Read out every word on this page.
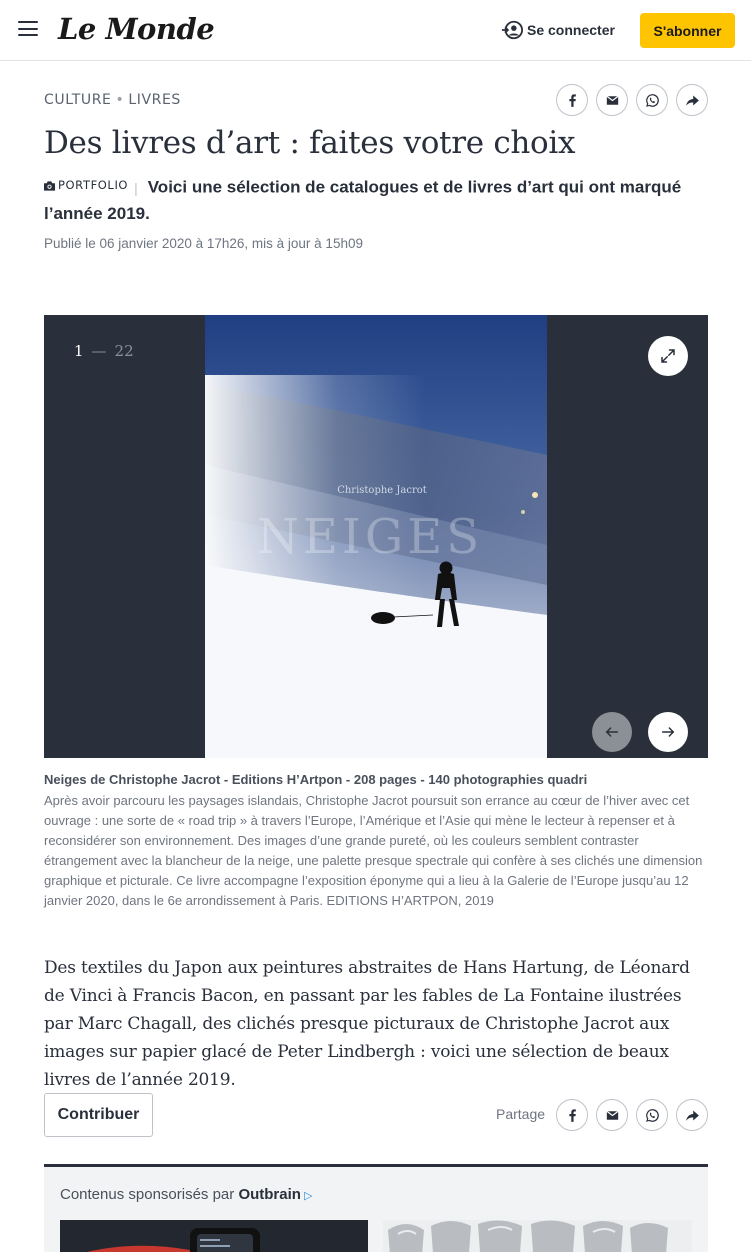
Le Monde	Se connecter	S'abonner
CULTURE • LIVRES
Des livres d’art : faites votre choix
PORTFOLIO | Voici une sélection de catalogues et de livres d’art qui ont marqué l’année 2019.
Publié le 06 janvier 2020 à 17h26, mis à jour à 15h09
1 — 22
Christophe Jacrot
NEIGES
Neiges de Christophe Jacrot - Editions H’Artpon - 208 pages - 140 photographies quadri
Après avoir parcouru les paysages islandais, Christophe Jacrot poursuit son errance au cœur de l’hiver avec cet ouvrage : une sorte de « road trip » à travers l’Europe, l’Amérique et l’Asie qui mène le lecteur à repenser et à reconsidérer son environnement. Des images d’une grande pureté, où les couleurs semblent contraster étrangement avec la blancheur de la neige, une palette presque spectrale qui confère à ses clichés une dimension graphique et picturale. Ce livre accompagne l’exposition éponyme qui a lieu à la Galerie de l’Europe jusqu’au 12 janvier 2020, dans le 6e arrondissement à Paris. EDITIONS H’ARTPON, 2019

Des textiles du Japon aux peintures abstraites de Hans Hartung, de Léonard de Vinci à Francis Bacon, en passant par les fables de La Fontaine ilustrées par Marc Chagall, des clichés presque picturaux de Christophe Jacrot aux images sur papier glacé de Peter Lindbergh : voici une sélection de beaux livres de l’année 2019.

Contribuer	Partage
Contenus sponsorisés par Outbrain ▷
